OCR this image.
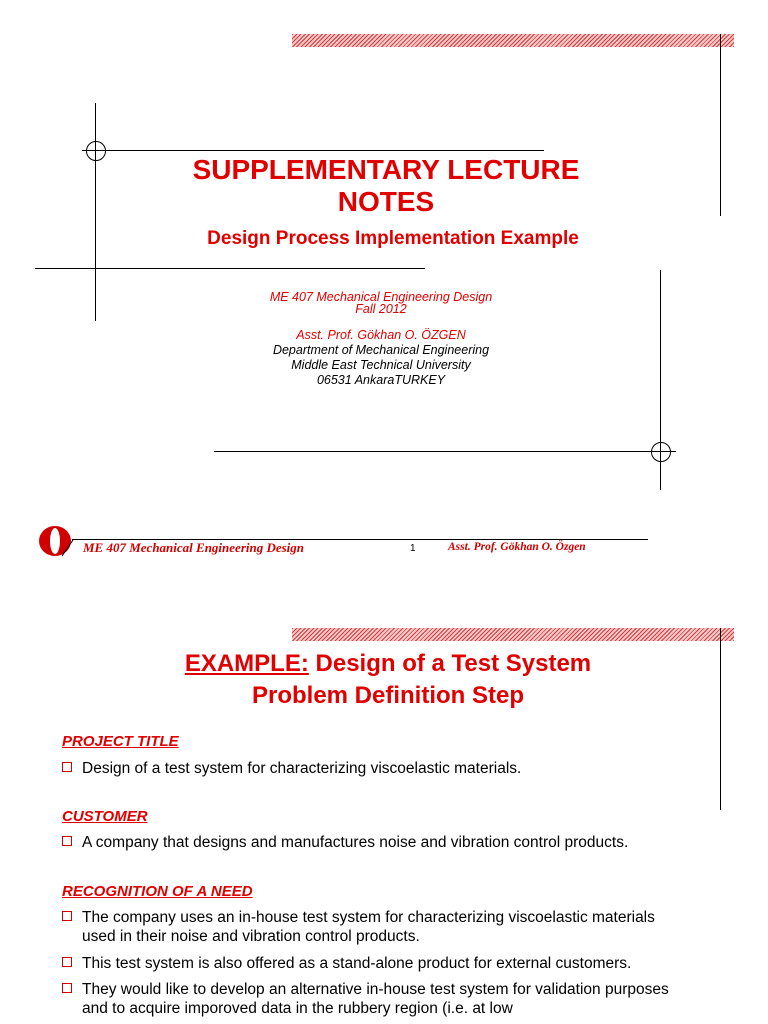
SUPPLEMENTARY LECTURE
NOTES
Design Process Implementation Example
ME 407 Mechanical Engineering Design
Fall 2012
Asst. Prof. Gökhan O. ÖZGEN
Department of Mechanical Engineering
Middle East Technical University
06531 AnkaraTURKEY
ME 407 Mechanical Engineering Design	1	Asst. Prof. Gökhan O. Özgen
EXAMPLE: Design of a Test System
Problem Definition Step
PROJECT TITLE
Design of a test system for characterizing viscoelastic materials.
CUSTOMER
A company that designs and manufactures noise and vibration control products.
RECOGNITION OF A NEED
The company uses an in-house test system for characterizing viscoelastic materials used in their noise and vibration control products.
This test system is also offered as a stand-alone product for external customers.
They would like to develop an alternative in-house test system for validation purposes and to acquire imporoved data in the rubbery region (i.e. at low
